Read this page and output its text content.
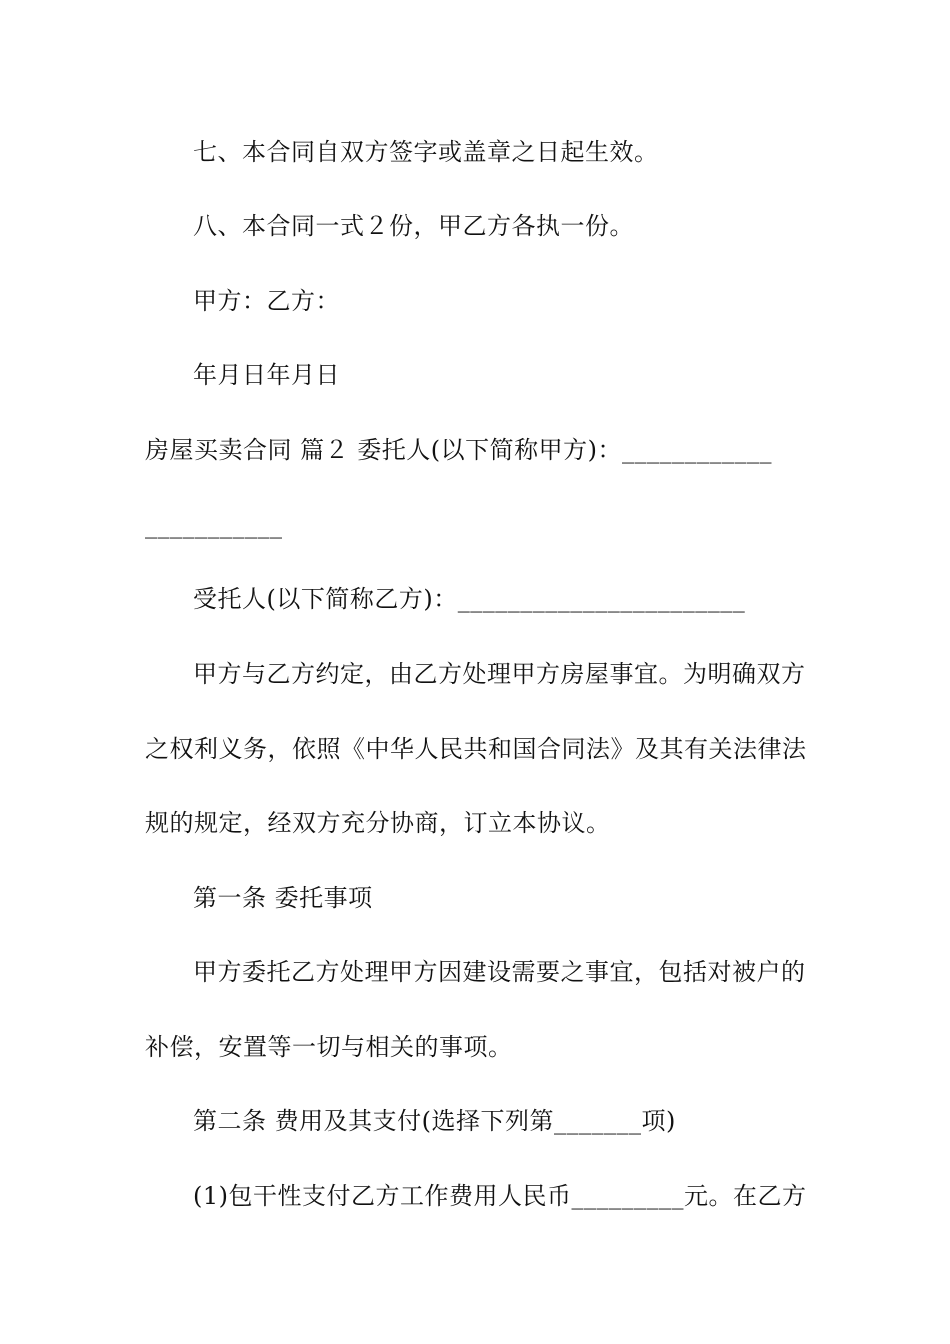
七、本合同自双方签字或盖章之日起生效。
八、本合同一式２份，甲乙方各执一份。
甲方：乙方：
年月日年月日
房屋买卖合同 篇２ 委托人(以下简称甲方)：____________
___________
受托人(以下简称乙方)：_______________________
甲方与乙方约定，由乙方处理甲方房屋事宜。为明确双方
之权利义务，依照《中华人民共和国合同法》及其有关法律法
规的规定，经双方充分协商，订立本协议。
第一条 委托事项
甲方委托乙方处理甲方因建设需要之事宜，包括对被户的
补偿，安置等一切与相关的事项。
第二条 费用及其支付(选择下列第_______项)
(1)包干性支付乙方工作费用人民币_________元。在乙方
